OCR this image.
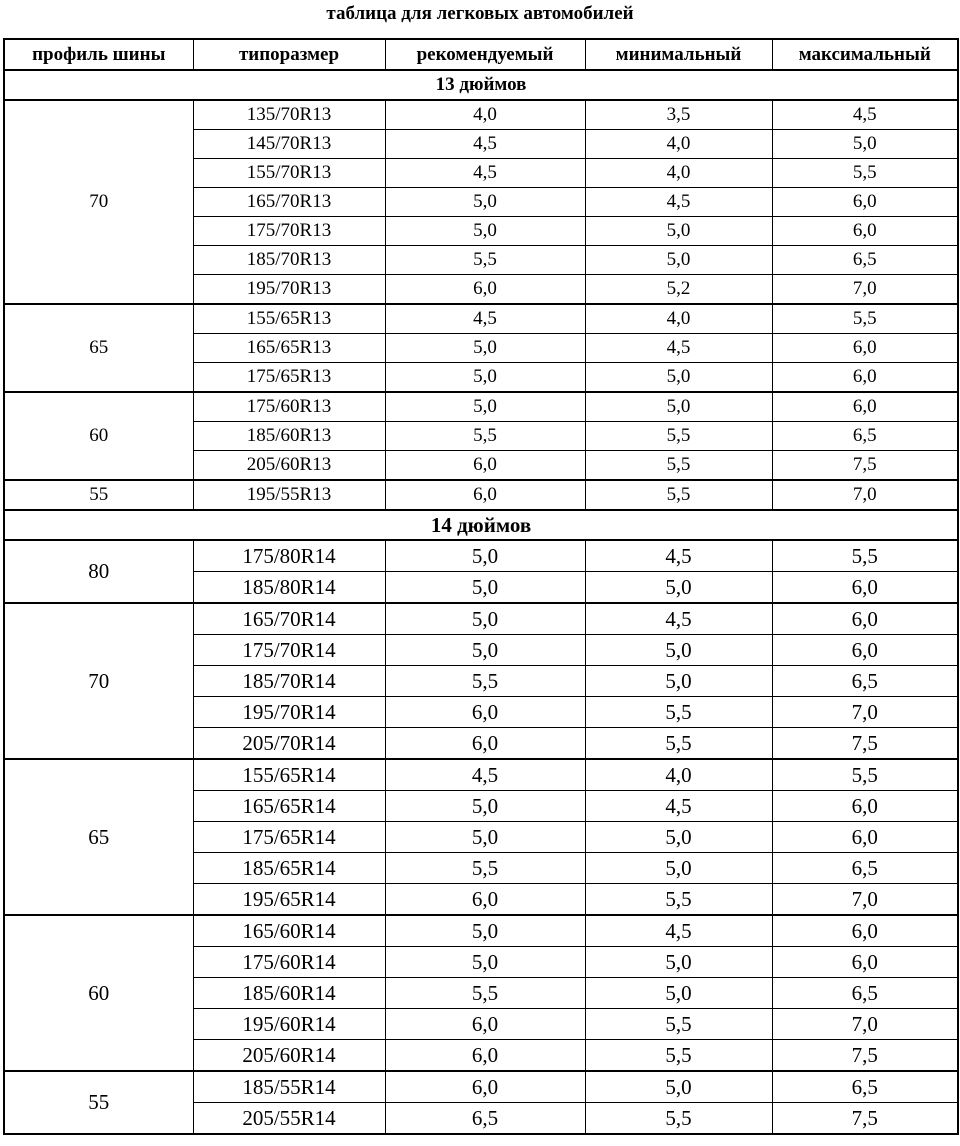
таблица для легковых автомобилей
профиль шины	типоразмер	рекомендуемый	минимальный	максимальный
13 дюймов				
70	135/70R13	4,0	3,5	4,5
	145/70R13	4,5	4,0	5,0
	155/70R13	4,5	4,0	5,5
	165/70R13	5,0	4,5	6,0
	175/70R13	5,0	5,0	6,0
	185/70R13	5,5	5,0	6,5
	195/70R13	6,0	5,2	7,0
65	155/65R13	4,5	4,0	5,5
	165/65R13	5,0	4,5	6,0
	175/65R13	5,0	5,0	6,0
60	175/60R13	5,0	5,0	6,0
	185/60R13	5,5	5,5	6,5
	205/60R13	6,0	5,5	7,5
55	195/55R13	6,0	5,5	7,0
14 дюймов				
80	175/80R14	5,0	4,5	5,5
	185/80R14	5,0	5,0	6,0
70	165/70R14	5,0	4,5	6,0
	175/70R14	5,0	5,0	6,0
	185/70R14	5,5	5,0	6,5
	195/70R14	6,0	5,5	7,0
	205/70R14	6,0	5,5	7,5
65	155/65R14	4,5	4,0	5,5
	165/65R14	5,0	4,5	6,0
	175/65R14	5,0	5,0	6,0
	185/65R14	5,5	5,0	6,5
	195/65R14	6,0	5,5	7,0
60	165/60R14	5,0	4,5	6,0
	175/60R14	5,0	5,0	6,0
	185/60R14	5,5	5,0	6,5
	195/60R14	6,0	5,5	7,0
	205/60R14	6,0	5,5	7,5
55	185/55R14	6,0	5,0	6,5
	205/55R14	6,5	5,5	7,5
